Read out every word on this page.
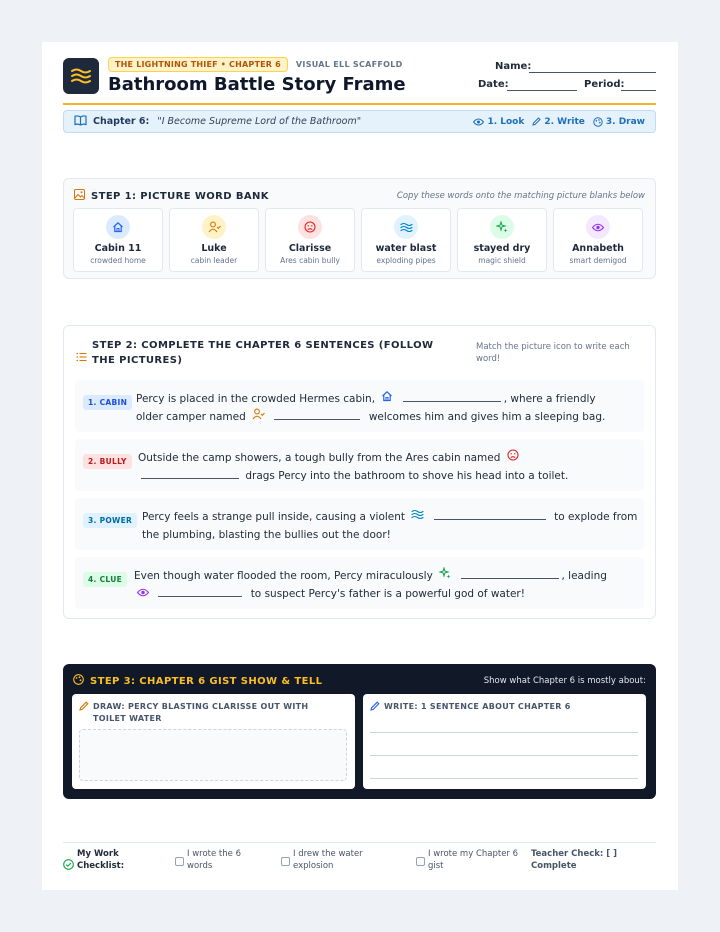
THE LIGHTNING THIEF • CHAPTER 6	VISUAL ELL SCAFFOLD
Bathroom Battle Story Frame
Name:
Date:	Period:
Chapter 6: "I Become Supreme Lord of the Bathroom"	1. Look 2. Write 3. Draw
STEP 1: PICTURE WORD BANK	Copy these words onto the matching picture blanks below
Cabin 11
crowded home
Luke
cabin leader
Clarisse
Ares cabin bully
water blast
exploding pipes
stayed dry
magic shield
Annabeth
smart demigod
STEP 2: COMPLETE THE CHAPTER 6 SENTENCES (FOLLOW THE PICTURES)
Match the picture icon to write each word!
1. CABIN Percy is placed in the crowded Hermes cabin,	, where a friendly older camper named	welcomes him and gives him a sleeping bag.
2. BULLY	Outside the camp showers, a tough bully from the Ares cabin named   drags Percy into the bathroom to shove his head into a toilet.
3. POWER Percy feels a strange pull inside, causing a violent	to explode from the plumbing, blasting the bullies out the door!
4. CLUE	Even though water flooded the room, Percy miraculously	, leading
to suspect Percy's father is a powerful god of water!
STEP 3: CHAPTER 6 GIST SHOW & TELL	Show what Chapter 6 is mostly about:
DRAW: PERCY BLASTING CLARISSE OUT WITH TOILET WATER
WRITE: 1 SENTENCE ABOUT CHAPTER 6
My Work Checklist:
I wrote the 6 words
I drew the water explosion
I wrote my Chapter 6 gist
Teacher Check: [ ] Complete
